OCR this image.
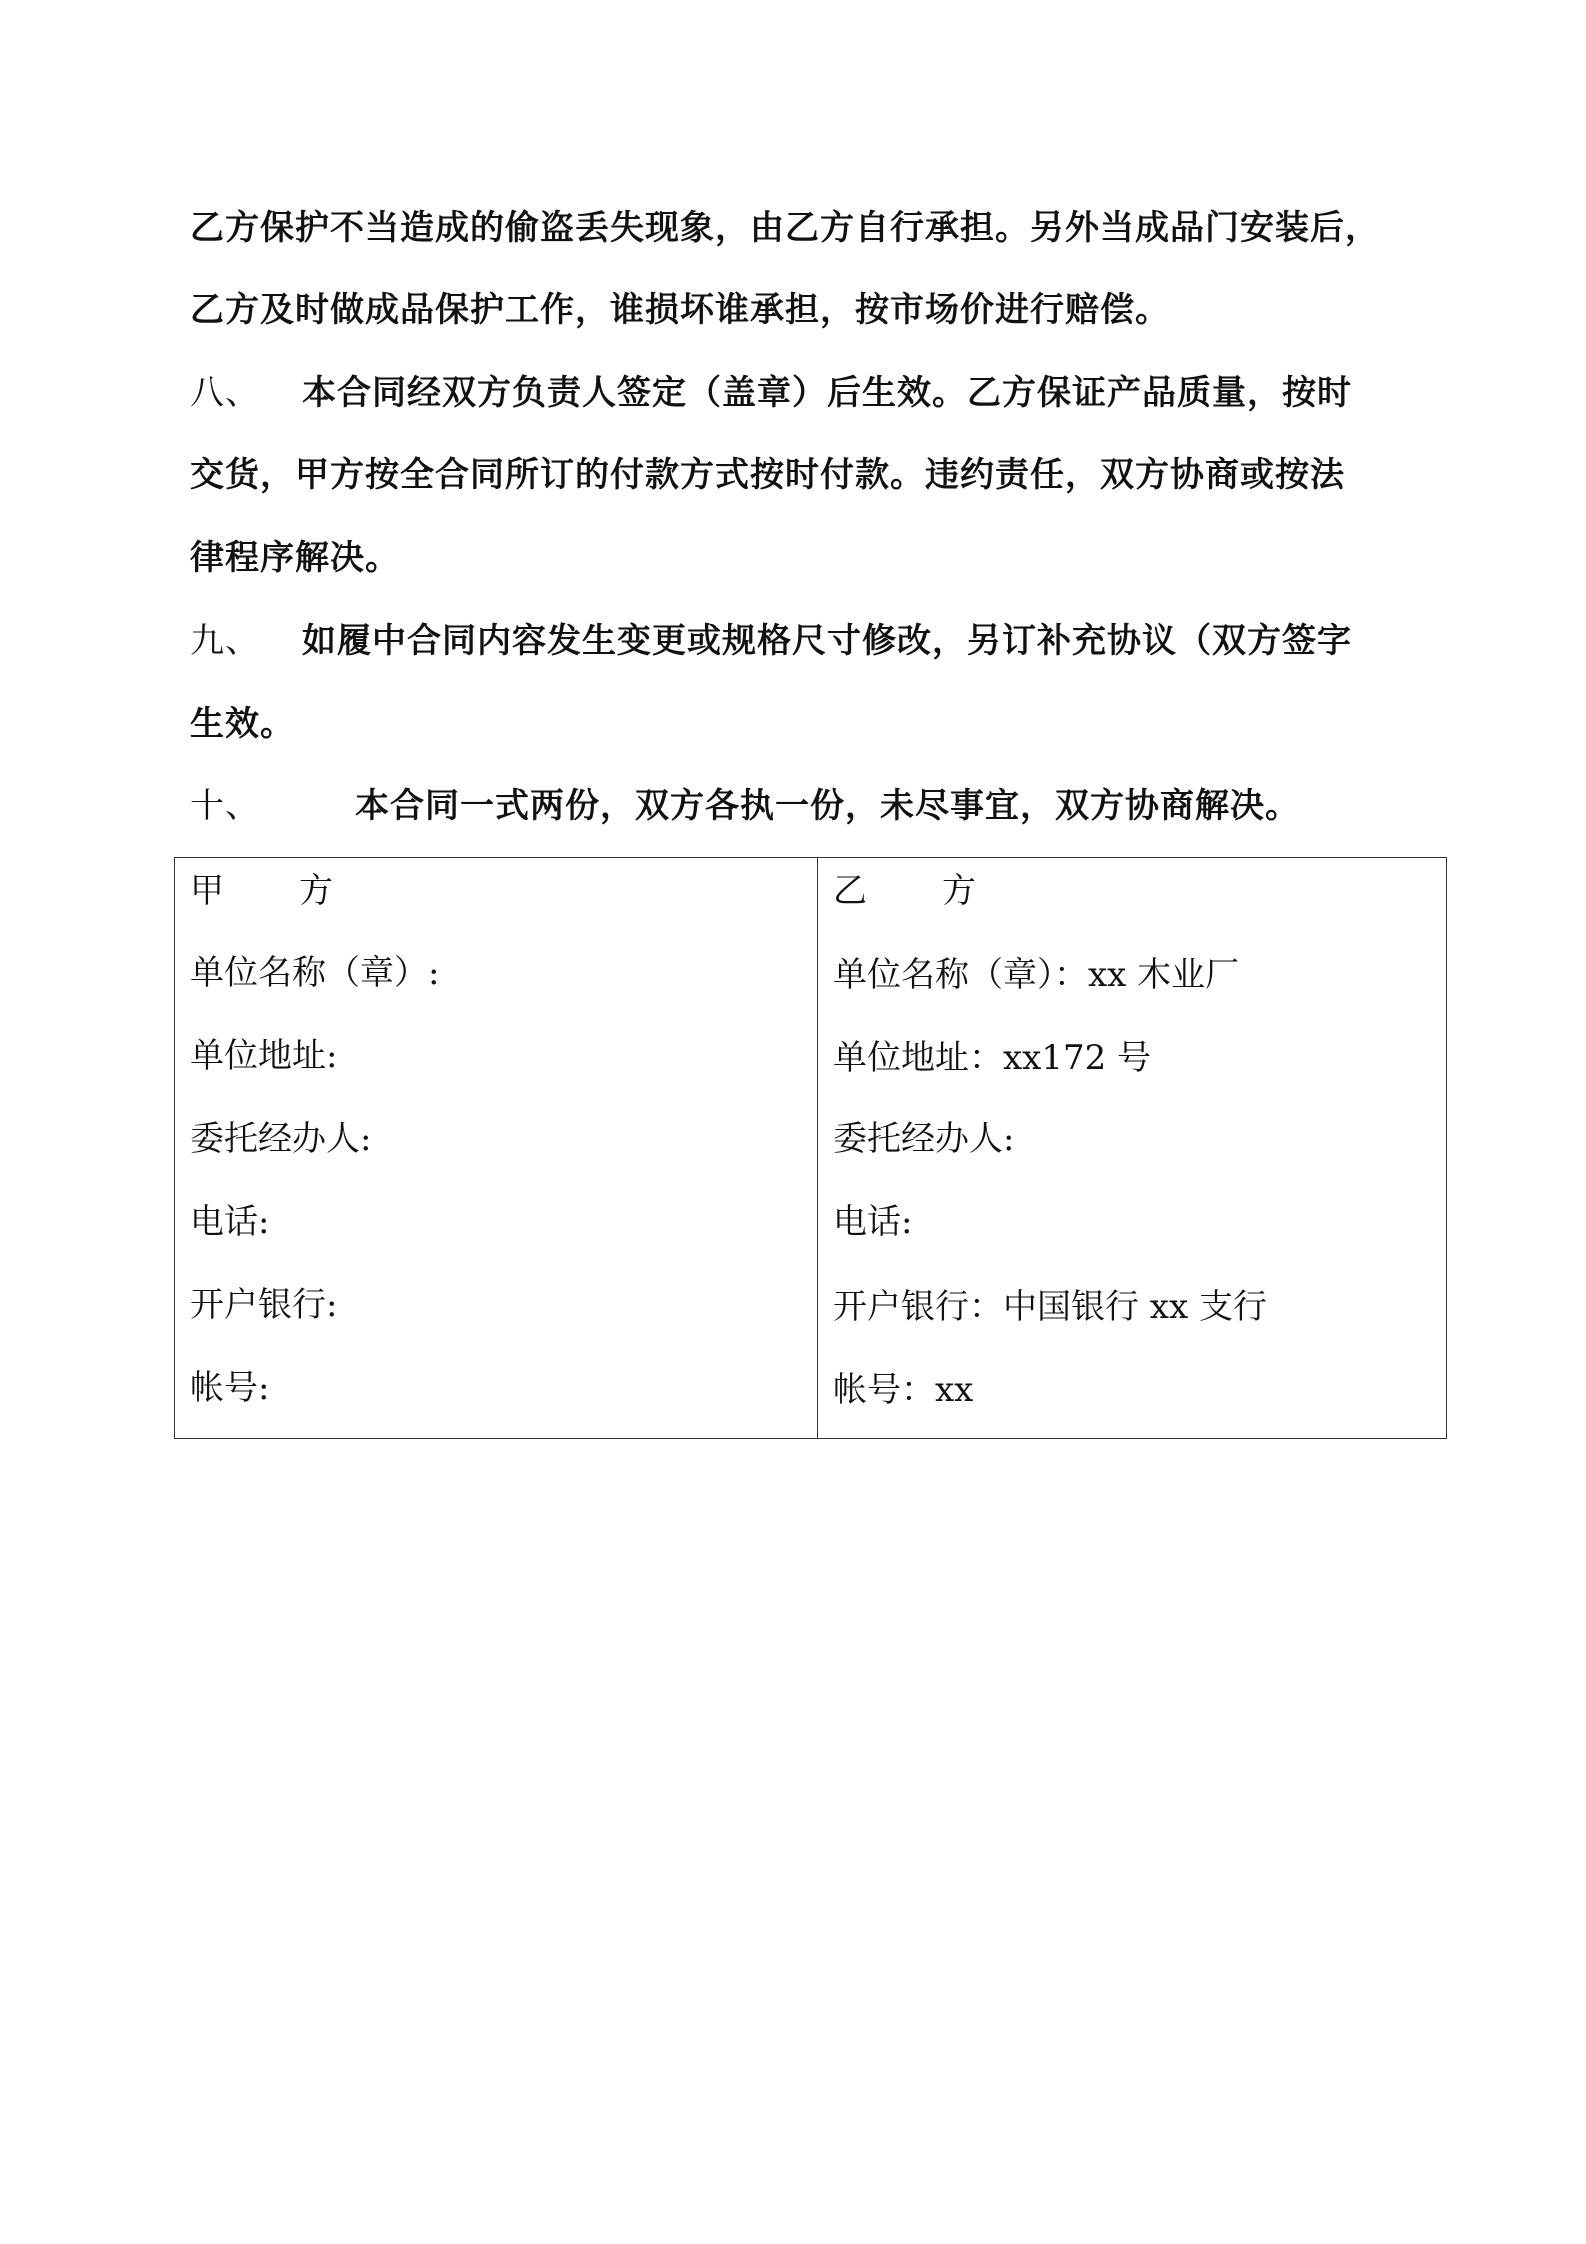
乙方保护不当造成的偷盗丢失现象，由乙方自行承担。另外当成品门安装后，
乙方及时做成品保护工作，谁损坏谁承担，按市场价进行赔偿。
八、 本合同经双方负责人签定（盖章）后生效。乙方保证产品质量，按时
交货，甲方按全合同所订的付款方式按时付款。违约责任，双方协商或按法
律程序解决。
九、 如履中合同内容发生变更或规格尺寸修改，另订补充协议（双方签字
生效。
十、	本合同一式两份，双方各执一份，未尽事宜，双方协商解决。
甲 方
单位名称（章）:
单位地址:
委托经办人:
电话:
开户银行:
帐号:

乙 方
单位名称（章）：xx 木业厂
单位地址：xx172 号
委托经办人:
电话:
开户银行：中国银行 xx 支行
帐号：xx
